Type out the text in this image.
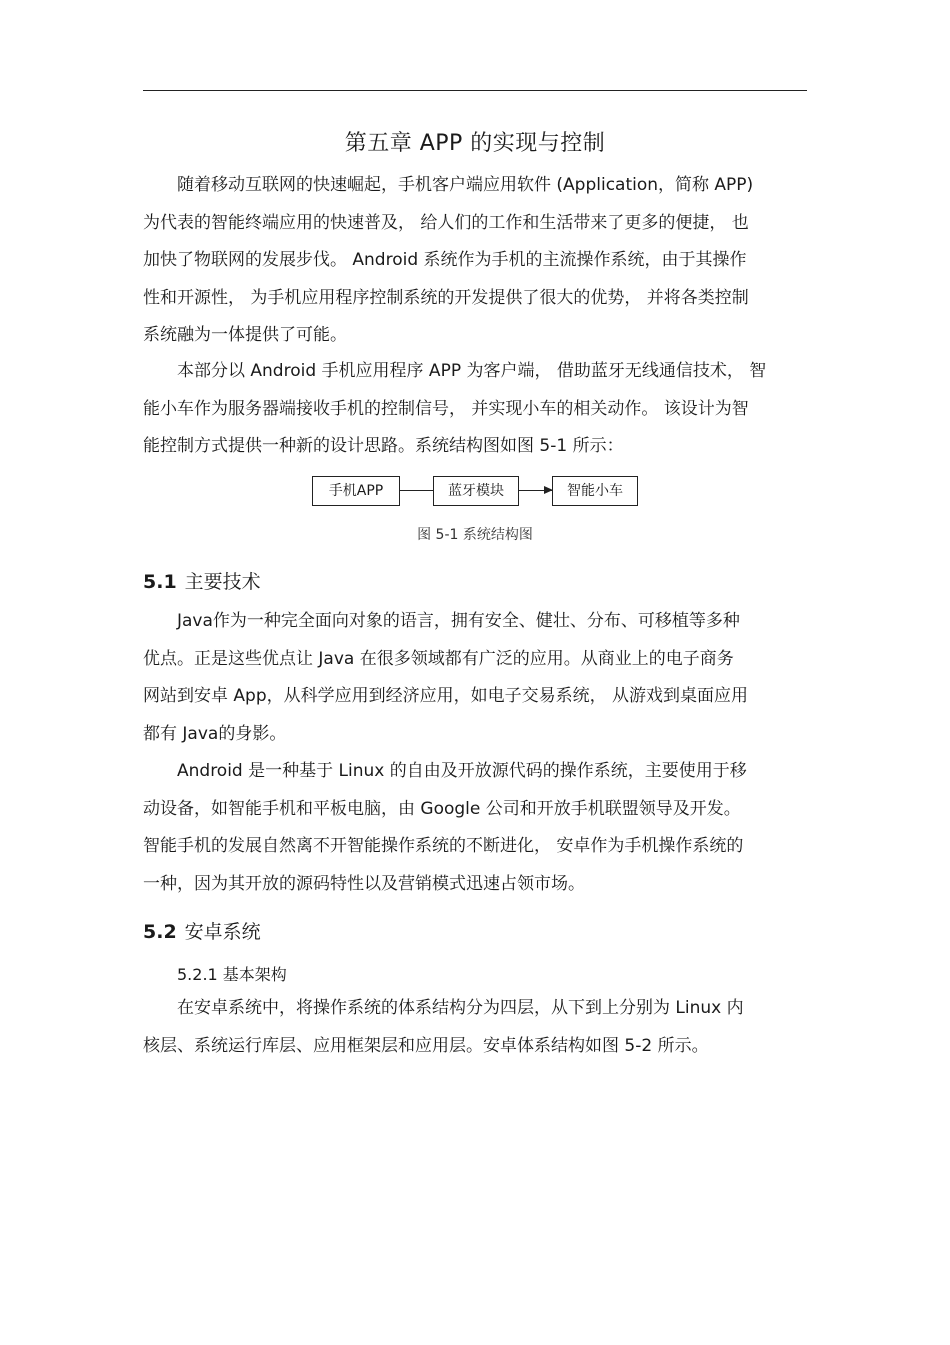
第五章 APP 的实现与控制
随着移动互联网的快速崛起，手机客户端应用软件 (Application，简称 APP)
为代表的智能终端应用的快速普及， 给人们的工作和生活带来了更多的便捷， 也
加快了物联网的发展步伐。 Android 系统作为手机的主流操作系统，由于其操作
性和开源性， 为手机应用程序控制系统的开发提供了很大的优势， 并将各类控制
系统融为一体提供了可能。
本部分以 Android 手机应用程序 APP 为客户端， 借助蓝牙无线通信技术， 智
能小车作为服务器端接收手机的控制信号， 并实现小车的相关动作。 该设计为智
能控制方式提供一种新的设计思路。系统结构图如图 5-1 所示：
手机APP	蓝牙模块	智能小车
图 5-1 系统结构图
5.1 主要技术
Java作为一种完全面向对象的语言，拥有安全、健壮、分布、可移植等多种
优点。正是这些优点让 Java 在很多领域都有广泛的应用。从商业上的电子商务
网站到安卓 App，从科学应用到经济应用，如电子交易系统， 从游戏到桌面应用
都有 Java的身影。
Android 是一种基于 Linux 的自由及开放源代码的操作系统，主要使用于移
动设备，如智能手机和平板电脑，由 Google 公司和开放手机联盟领导及开发。
智能手机的发展自然离不开智能操作系统的不断进化， 安卓作为手机操作系统的
一种，因为其开放的源码特性以及营销模式迅速占领市场。
5.2 安卓系统
5.2.1 基本架构
在安卓系统中，将操作系统的体系结构分为四层，从下到上分别为 Linux 内
核层、系统运行库层、应用框架层和应用层。安卓体系结构如图 5-2 所示。
